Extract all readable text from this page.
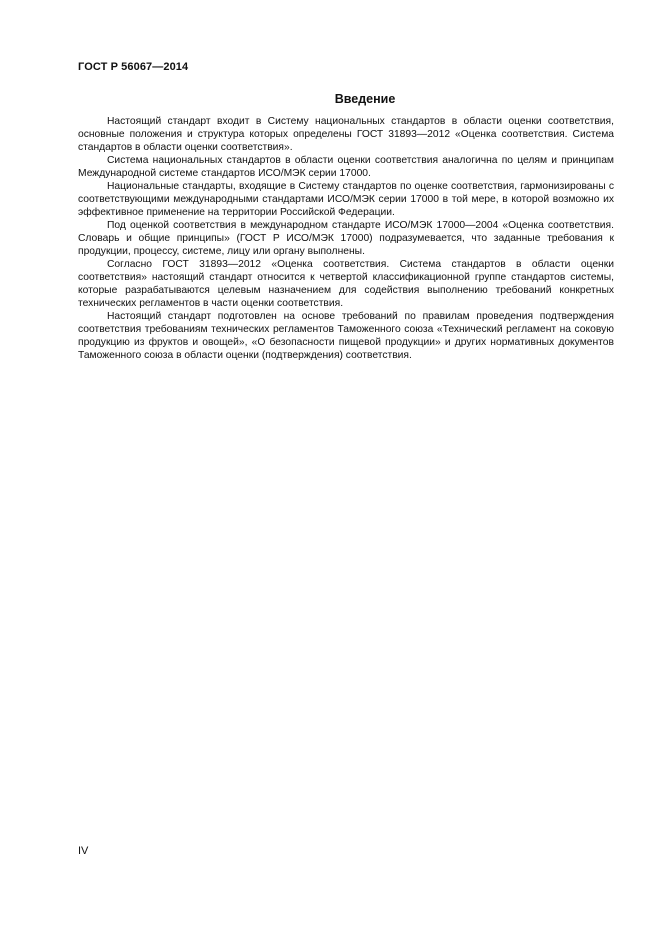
ГОСТ Р 56067—2014
Введение

Настоящий стандарт входит в Систему национальных стандартов в области оценки соответствия, основные положения и структура которых определены ГОСТ 31893—2012 «Оценка соответствия. Система стандартов в области оценки соответствия».

Система национальных стандартов в области оценки соответствия аналогична по целям и принципам Международной системе стандартов ИСО/МЭК серии 17000.

Национальные стандарты, входящие в Систему стандартов по оценке соответствия, гармонизированы с соответствующими международными стандартами ИСО/МЭК серии 17000 в той мере, в которой возможно их эффективное применение на территории Российской Федерации.

Под оценкой соответствия в международном стандарте ИСО/МЭК 17000—2004 «Оценка соответствия. Словарь и общие принципы» (ГОСТ Р ИСО/МЭК 17000) подразумевается, что заданные требования к продукции, процессу, системе, лицу или органу выполнены.

Согласно ГОСТ 31893—2012 «Оценка соответствия. Система стандартов в области оценки соответствия» настоящий стандарт относится к четвертой классификационной группе стандартов системы, которые разрабатываются целевым назначением для содействия выполнению требований конкретных технических регламентов в части оценки соответствия.

Настоящий стандарт подготовлен на основе требований по правилам проведения подтверждения соответствия требованиям технических регламентов Таможенного союза «Технический регламент на соковую продукцию из фруктов и овощей», «О безопасности пищевой продукции» и других нормативных документов Таможенного союза в области оценки (подтверждения) соответствия.

IV
